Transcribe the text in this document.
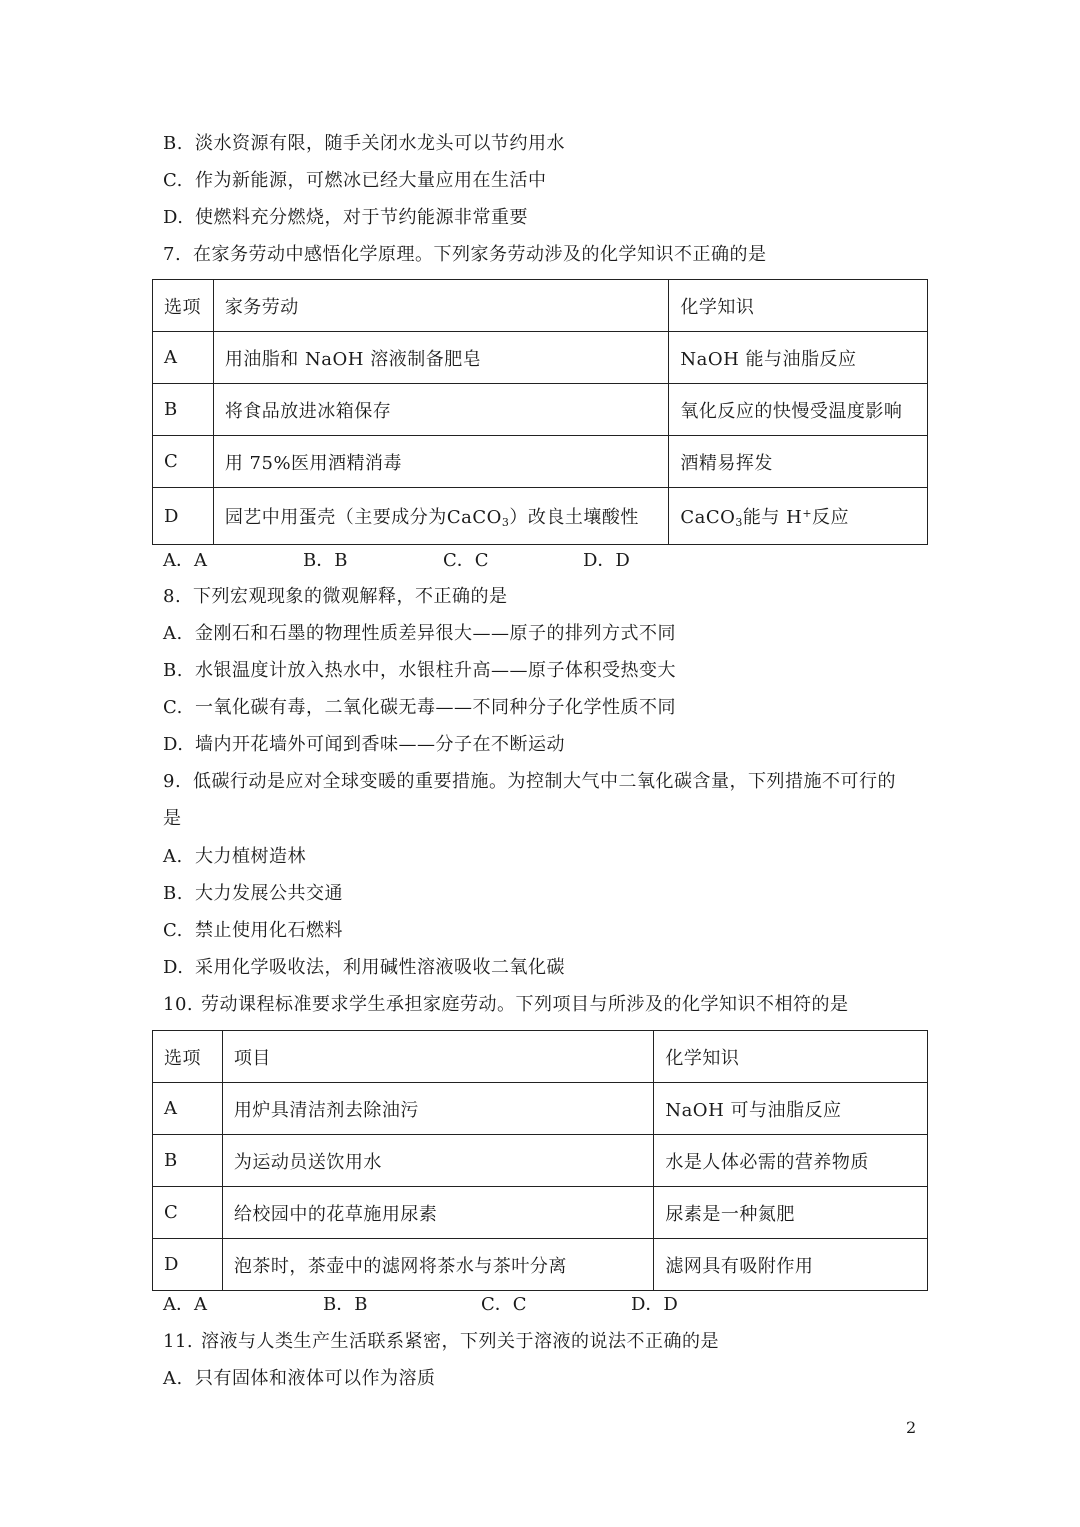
B. 淡水资源有限，随手关闭水龙头可以节约用水
C. 作为新能源，可燃冰已经大量应用在生活中
D. 使燃料充分燃烧，对于节约能源非常重要
7. 在家务劳动中感悟化学原理。下列家务劳动涉及的化学知识不正确的是
选项	家务劳动	化学知识
A	用油脂和 NaOH 溶液制备肥皂	NaOH 能与油脂反应
B	将食品放进冰箱保存	氧化反应的快慢受温度影响
C	用 75%医用酒精消毒	酒精易挥发
D	园艺中用蛋壳（主要成分为CaCO$_3$）改良土壤酸性	CaCO$_3$能与 H+反应
A．A	B．B	C．C	D．D
8. 下列宏观现象的微观解释，不正确的是
A. 金刚石和石墨的物理性质差异很大——原子的排列方式不同
B. 水银温度计放入热水中，水银柱升高——原子体积受热变大
C. 一氧化碳有毒，二氧化碳无毒——不同种分子化学性质不同
D. 墙内开花墙外可闻到香味——分子在不断运动
9. 低碳行动是应对全球变暖的重要措施。为控制大气中二氧化碳含量，下列措施不可行的
是
A. 大力植树造林
B. 大力发展公共交通
C. 禁止使用化石燃料
D. 采用化学吸收法，利用碱性溶液吸收二氧化碳
10. 劳动课程标准要求学生承担家庭劳动。下列项目与所涉及的化学知识不相符的是
选项	项目	化学知识
A	用炉具清洁剂去除油污	NaOH 可与油脂反应
B	为运动员送饮用水	水是人体必需的营养物质
C	给校园中的花草施用尿素	尿素是一种氮肥
D	泡茶时，茶壶中的滤网将茶水与茶叶分离	滤网具有吸附作用
A．A	B．B	C．C	D．D
11. 溶液与人类生产生活联系紧密，下列关于溶液的说法不正确的是
A. 只有固体和液体可以作为溶质
2
